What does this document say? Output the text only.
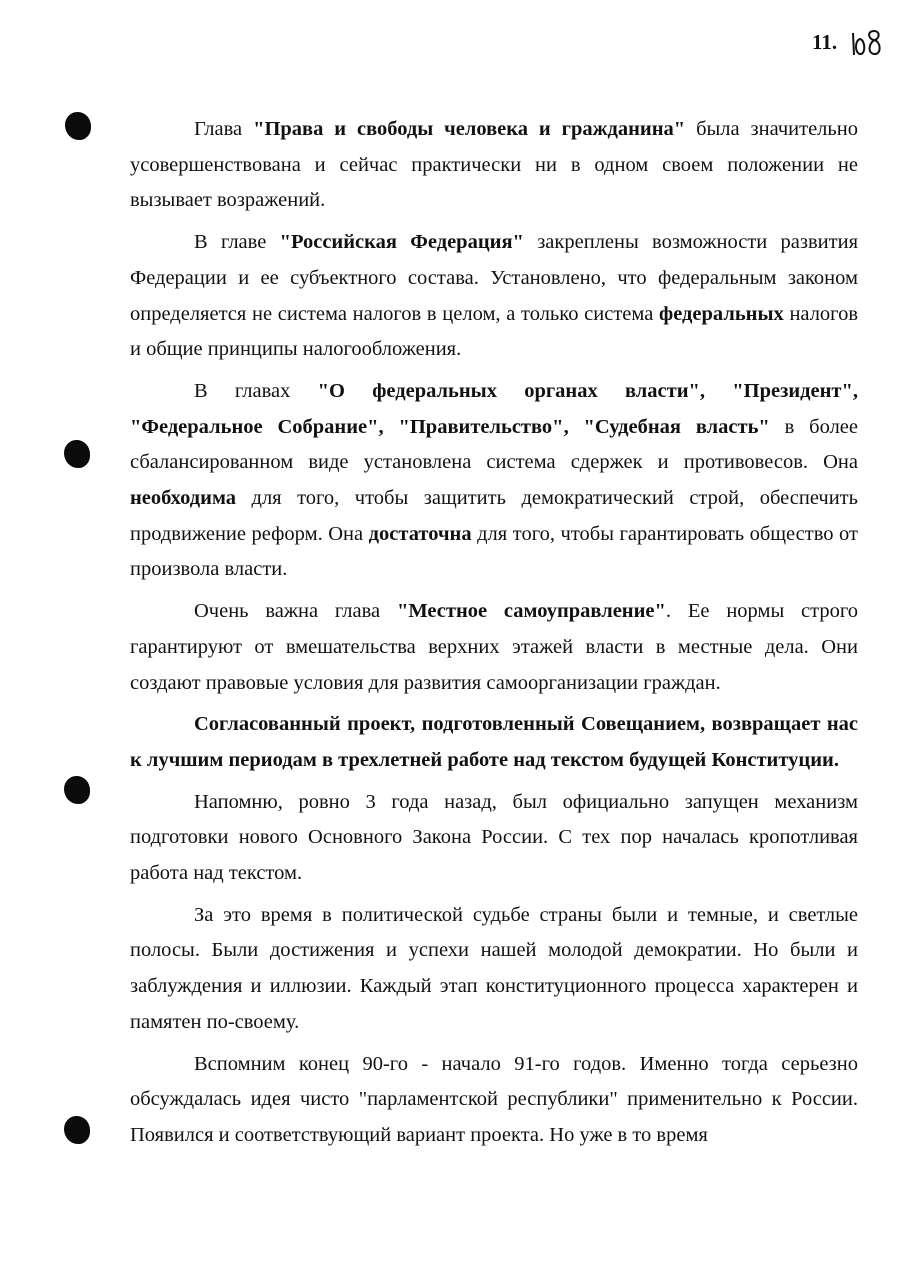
11.

Глава "Права и свободы человека и гражданина" была значительно усовершенствована и сейчас практически ни в одном своем положении не вызывает возражений.

В главе "Российская Федерация" закреплены возможности развития Федерации и ее субъектного состава. Установлено, что федеральным законом определяется не система налогов в целом, а только система федеральных налогов и общие принципы налогообложения.

В главах "О федеральных органах власти", "Президент", "Федеральное Собрание", "Правительство", "Судебная власть" в более сбалансированном виде установлена система сдержек и противовесов. Она необходима для того, чтобы защитить демократический строй, обеспечить продвижение реформ. Она достаточна для того, чтобы гарантировать общество от произвола власти.

Очень важна глава "Местное самоуправление". Ее нормы строго гарантируют от вмешательства верхних этажей власти в местные дела. Они создают правовые условия для развития самоорганизации граждан.

Согласованный проект, подготовленный Совещанием, возвращает нас к лучшим периодам в трехлетней работе над текстом будущей Конституции.

Напомню, ровно 3 года назад, был официально запущен механизм подготовки нового Основного Закона России. С тех пор началась кропотливая работа над текстом.

За это время в политической судьбе страны были и темные, и светлые полосы. Были достижения и успехи нашей молодой демократии. Но были и заблуждения и иллюзии. Каждый этап конституционного процесса характерен и памятен по-своему.

Вспомним конец 90-го - начало 91-го годов. Именно тогда серьезно обсуждалась идея чисто "парламентской республики" применительно к России. Появился и соответствующий вариант проекта. Но уже в то время
